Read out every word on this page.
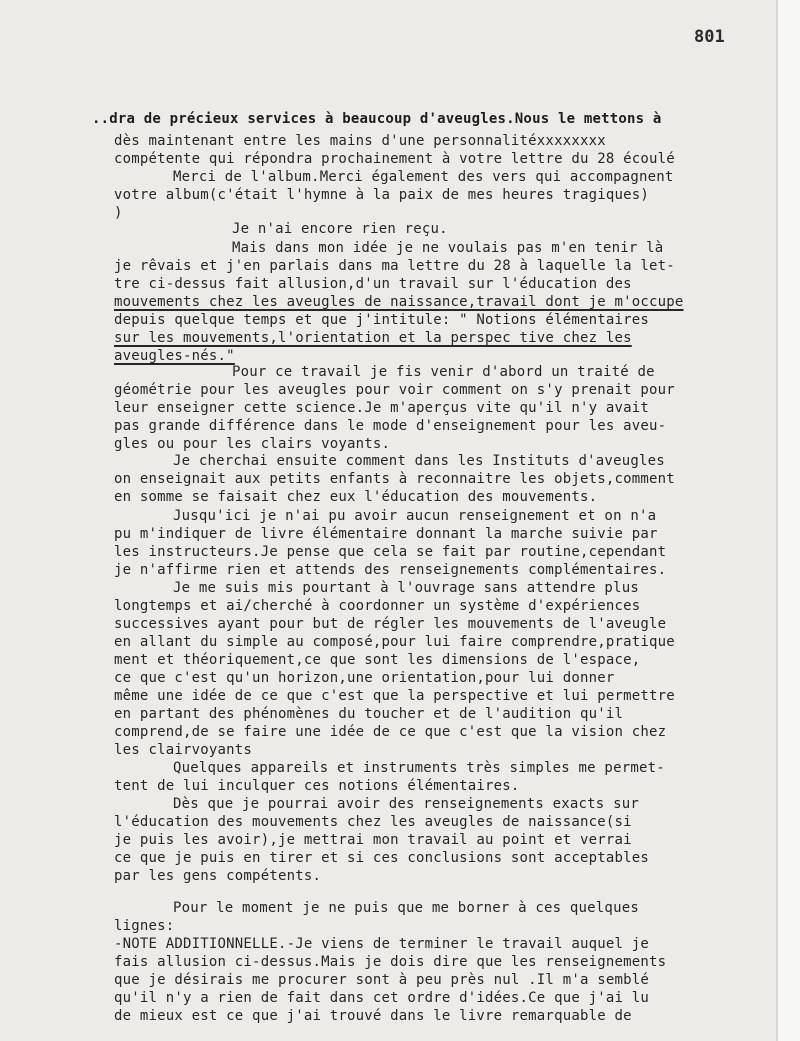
801
..dra de précieux services à beaucoup d'aveugles.Nous le mettons à
dès maintenant entre les mains d'une personnalitéxxxxxxxx
compétente qui répondra prochainement à votre lettre du 28 écoulé
Merci de l'album.Merci également des vers qui accompagnent
votre album(c'était l'hymne à la paix de mes heures tragiques)
)
Je n'ai encore rien reçu.
Mais dans mon idée je ne voulais pas m'en tenir là
je rêvais et j'en parlais dans ma lettre du 28 à laquelle la let-
tre ci-dessus fait allusion,d'un travail sur l'éducation des
mouvements chez les aveugles de naissance,travail dont je m'occupe
depuis quelque temps et que j'intitule: " Notions élémentaires
sur les mouvements,l'orientation et la perspec tive chez les
aveugles-nés."
Pour ce travail je fis venir d'abord un traité de
géométrie pour les aveugles pour voir comment on s'y prenait pour
leur enseigner cette science.Je m'aperçus vite qu'il n'y avait
pas grande différence dans le mode d'enseignement pour les aveu-
gles ou pour les clairs voyants.
Je cherchai ensuite comment dans les Instituts d'aveugles
on enseignait aux petits enfants à reconnaitre les objets,comment
en somme se faisait chez eux l'éducation des mouvements.
Jusqu'ici je n'ai pu avoir aucun renseignement et on n'a
pu m'indiquer de livre élémentaire donnant la marche suivie par
les instructeurs.Je pense que cela se fait par routine,cependant
je n'affirme rien et attends des renseignements complémentaires.
Je me suis mis pourtant à l'ouvrage sans attendre plus
longtemps et ai/cherché à coordonner un système d'expériences
successives ayant pour but de régler les mouvements de l'aveugle
en allant du simple au composé,pour lui faire comprendre,pratique
ment et théoriquement,ce que sont les dimensions de l'espace,
ce que c'est qu'un horizon,une orientation,pour lui donner
même une idée de ce que c'est que la perspective et lui permettre
en partant des phénomènes du toucher et de l'audition qu'il
comprend,de se faire une idée de ce que c'est que la vision chez
les clairvoyants
Quelques appareils et instruments très simples me permet-
tent de lui inculquer ces notions élémentaires.
Dès que je pourrai avoir des renseignements exacts sur
l'éducation des mouvements chez les aveugles de naissance(si
je puis les avoir),je mettrai mon travail au point et verrai
ce que je puis en tirer et si ces conclusions sont acceptables
par les gens compétents.
Pour le moment je ne puis que me borner à ces quelques
lignes:
-NOTE ADDITIONNELLE.-Je viens de terminer le travail auquel je
fais allusion ci-dessus.Mais je dois dire que les renseignements
que je désirais me procurer sont à peu près nul .Il m'a semblé
qu'il n'y a rien de fait dans cet ordre d'idées.Ce que j'ai lu
de mieux est ce que j'ai trouvé dans le livre remarquable de
